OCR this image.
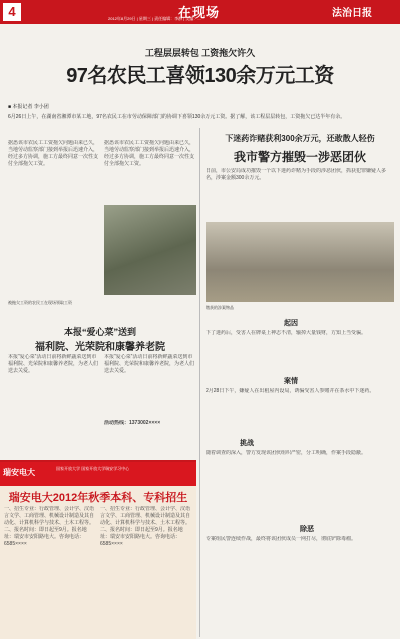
4	2012年8月29日 | 星期三 | 责任编辑：李群 | 美编：...
在现场	法治日报
工程层层转包 工资拖欠许久
97名农民工喜领130余万元工资
■ 本报记者 李小团
6月26日上午，在湖南省湘潭市某工地，97名农民工在市劳动保障部门的协调下喜领130余万元工资。据了解，该工程层层转包，工资拖欠已达半年有余。
据悉该市农民工工资拖欠问题由来已久，当地劳动监察部门接到举报后迅速介入，经过多方协调，施工方最终同意一次性支付全部拖欠工资。
据悉该市农民工工资拖欠问题由来已久，当地劳动监察部门接到举报后迅速介入，经过多方协调，施工方最终同意一次性支付全部拖欠工资。
被拖欠工资的农民工在现场领取工资
本报“爱心菜”送到
福利院、光荣院和康馨养老院
本报“爱心菜”活动日前将新鲜蔬菜送到市福利院、光荣院和康馨养老院，为老人们送去关爱。
本报“爱心菜”活动日前将新鲜蔬菜送到市福利院、光荣院和康馨养老院，为老人们送去关爱。
活动热线：1373002××××
下迷药诈赌获利300余万元，还敢散人轻伤
我市警方摧毁一涉恶团伙
日前，市公安局成功摧毁一个以下迷药诈赌为手段的涉恶团伙，抓获犯罪嫌疑人多名，涉案金额300余万元。
缴获的涉案物品
起因
下了迷药后，受害人在牌桌上神志不清，输掉大量钱财，方知上当受骗。
案情
2月28日下午，嫌疑人在出租屋内设局，诱骗受害人参赌并在茶水中下迷药。
挑战
随着调查的深入，警方发现该团伙组织严密，分工明确，作案手段隐蔽。
除恶
专案组民警连续作战，最终将该团伙成员一网打尽，彻底铲除毒瘤。
瑞安电大	国家开放大学 国家开放大学瑞安学习中心
瑞安电大2012年秋季本科、专科招生
一、招生专业：行政管理、会计学、汉语言文学、工商管理、机械设计制造及其自动化、计算机科学与技术、土木工程等。二、报名时间：即日起至9月。报名地址：瑞安市安阳路电大。咨询电话：6585××××
一、招生专业：行政管理、会计学、汉语言文学、工商管理、机械设计制造及其自动化、计算机科学与技术、土木工程等。二、报名时间：即日起至9月。报名地址：瑞安市安阳路电大。咨询电话：6585××××
